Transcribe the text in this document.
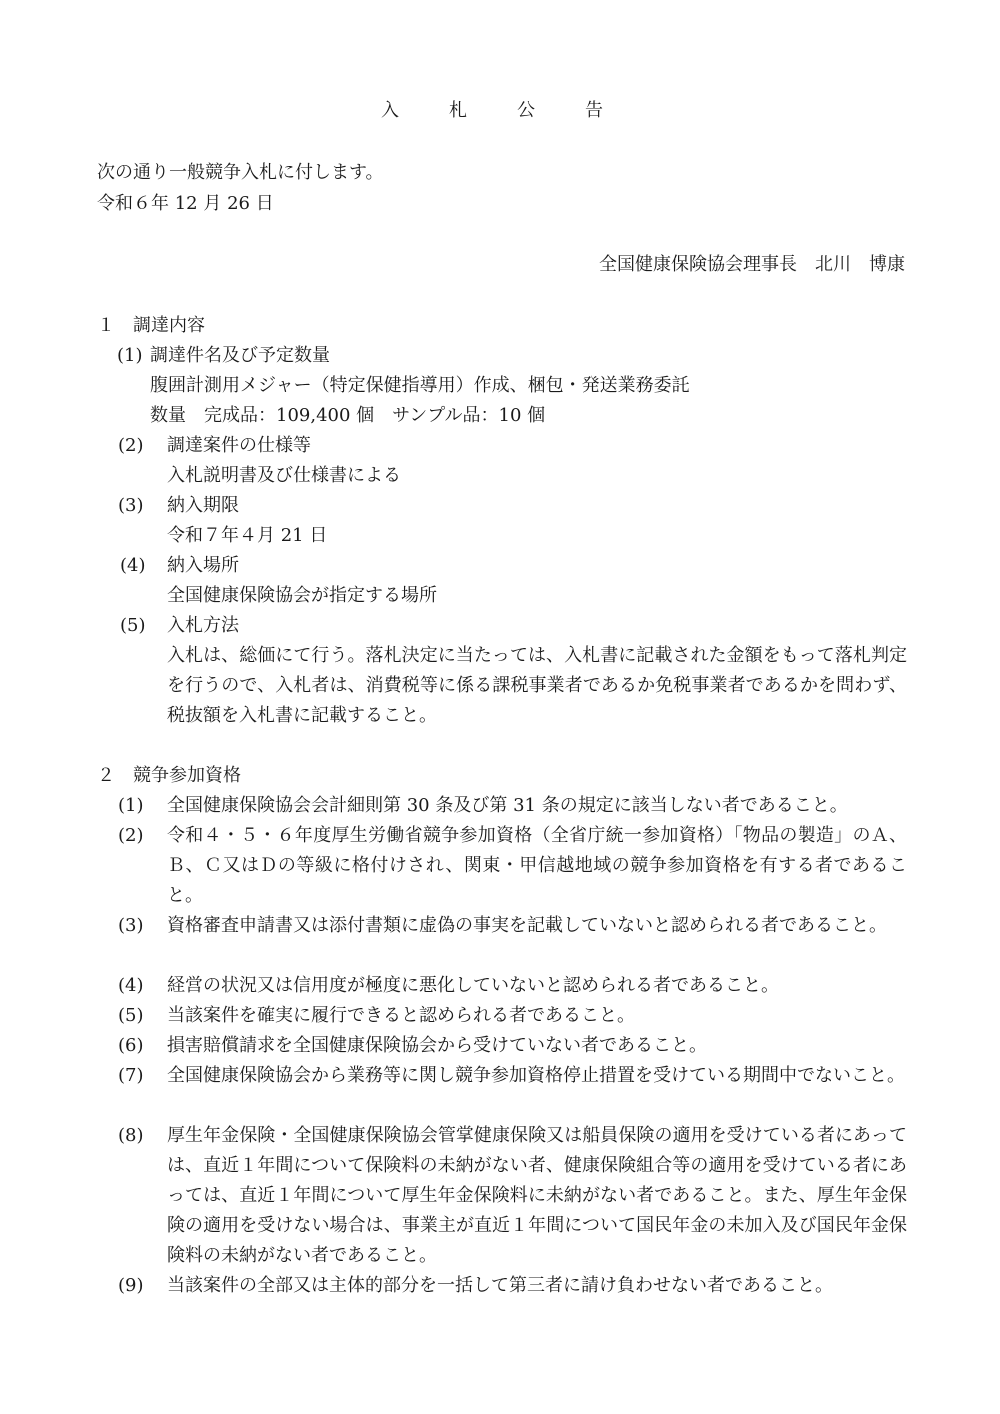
入　札　公　告
次の通り一般競争入札に付します。
令和６年 12 月 26 日
全国健康保険協会理事長　北川　博康
１　調達内容
(1) 調達件名及び予定数量
腹囲計測用メジャー（特定保健指導用）作成、梱包・発送業務委託
数量　完成品：109,400 個　サンプル品：10 個
(2) 調達案件の仕様等
入札説明書及び仕様書による
(3) 納入期限
令和７年４月 21 日
(4) 納入場所
全国健康保険協会が指定する場所
(5) 入札方法
入札は、総価にて行う。落札決定に当たっては、入札書に記載された金額をもって落札判定を行うので、入札者は、消費税等に係る課税事業者であるか免税事業者であるかを問わず、税抜額を入札書に記載すること。
２　競争参加資格
(1) 全国健康保険協会会計細則第 30 条及び第 31 条の規定に該当しない者であること。
(2) 令和４・５・６年度厚生労働省競争参加資格（全省庁統一参加資格）「物品の製造」のＡ、Ｂ、Ｃ又はＤの等級に格付けされ、関東・甲信越地域の競争参加資格を有する者であること。
(3) 資格審査申請書又は添付書類に虚偽の事実を記載していないと認められる者であること。
(4) 経営の状況又は信用度が極度に悪化していないと認められる者であること。
(5) 当該案件を確実に履行できると認められる者であること。
(6) 損害賠償請求を全国健康保険協会から受けていない者であること。
(7) 全国健康保険協会から業務等に関し競争参加資格停止措置を受けている期間中でないこと。
(8) 厚生年金保険・全国健康保険協会管掌健康保険又は船員保険の適用を受けている者にあっては、直近１年間について保険料の未納がない者、健康保険組合等の適用を受けている者にあっては、直近１年間について厚生年金保険料に未納がない者であること。また、厚生年金保険の適用を受けない場合は、事業主が直近１年間について国民年金の未加入及び国民年金保険料の未納がない者であること。
(9) 当該案件の全部又は主体的部分を一括して第三者に請け負わせない者であること。
